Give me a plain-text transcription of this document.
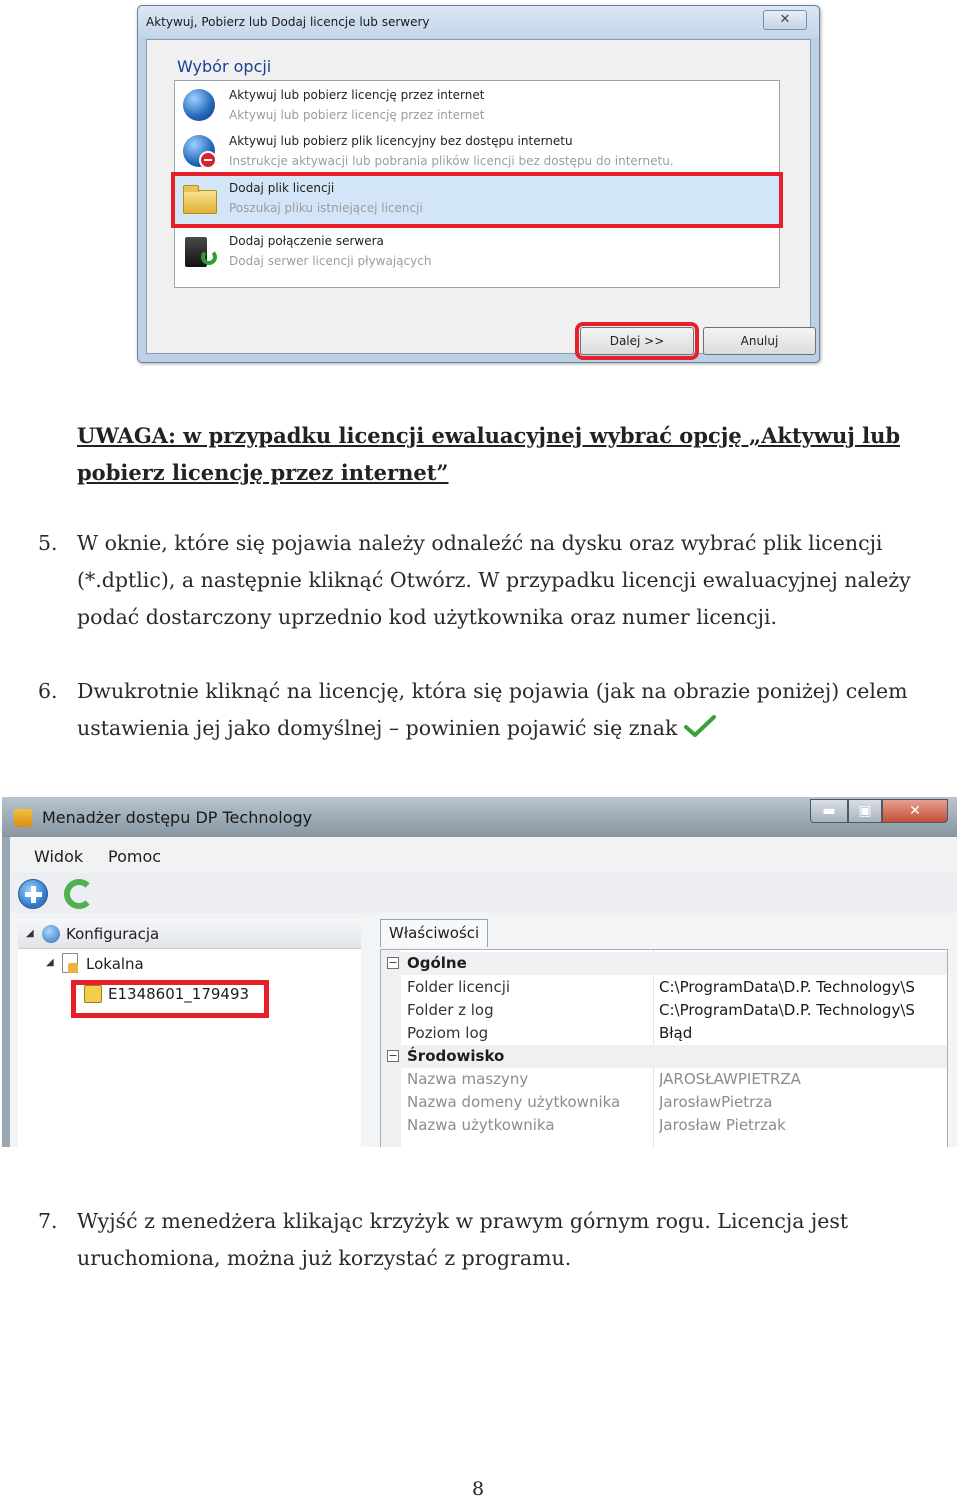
Aktywuj, Pobierz lub Dodaj licencje lub serwery	✕
Wybór opcji
Aktywuj lub pobierz licencję przez internet
Aktywuj lub pobierz licencję przez internet
Aktywuj lub pobierz plik licencyjny bez dostępu internetu
Instrukcje aktywacji lub pobrania plików licencji bez dostępu do internetu.
Dodaj plik licencji
Poszukaj pliku istniejącej licencji
Dodaj połączenie serwera
Dodaj serwer licencji pływających
Dalej >>	Anuluj
UWAGA: w przypadku licencji ewaluacyjnej wybrać opcję „Aktywuj lub pobierz licencję przez internet”
5. W oknie, które się pojawia należy odnaleźć na dysku oraz wybrać plik licencji (*.dptlic), a następnie kliknąć Otwórz. W przypadku licencji ewaluacyjnej należy podać dostarczony uprzednio kod użytkownika oraz numer licencji.
6. Dwukrotnie kliknąć na licencję, która się pojawia (jak na obrazie poniżej) celem ustawienia jej jako domyślnej – powinien pojawić się znak
Menadżer dostępu DP Technology	▬	▣	✕
Widok Pomoc
◢ Konfiguracja
◢ Lokalna
E1348601_179493
Właściwości
− Ogólne
Folder licencji	C:\ProgramData\D.P. Technology\S
Folder z log	C:\ProgramData\D.P. Technology\S
Poziom log	Błąd
− Środowisko
Nazwa maszyny	JAROSŁAWPIETRZA
Nazwa domeny użytkownika	JarosławPietrza
Nazwa użytkownika	Jarosław Pietrzak
7. Wyjść z menedżera klikając krzyżyk w prawym górnym rogu. Licencja jest uruchomiona, można już korzystać z programu.
8
